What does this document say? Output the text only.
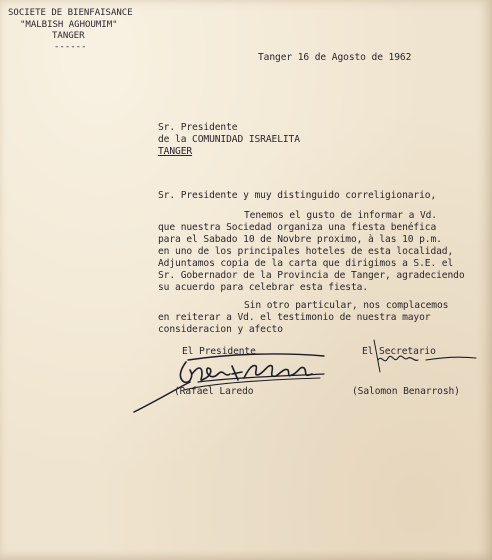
SOCIETE DE BIENFAISANCE
"MALBISH AGHOUMIM"
TANGER
------
Tanger 16 de Agosto de 1962
Sr. Presidente
de la COMUNIDAD ISRAELITA
TANGER
Sr. Presidente y muy distinguido correligionario,
Tenemos el gusto de informar a Vd.
que nuestra Sociedad organiza una fiesta benéfica
para el Sabado 10 de Novbre proximo, à las 10 p.m.
en uno de los principales hoteles de esta localidad,
Adjuntamos copia de la carta que dirigimos a S.E. el
Sr. Gobernador de la Provincia de Tanger, agradeciendo
su acuerdo para celebrar esta fiesta.
Sin otro particular, nos complacemos
en reiterar a Vd. el testimonio de nuestra mayor
consideracion y afecto
El Presidente	El Secretario
(Rafael Laredo	(Salomon Benarrosh)
